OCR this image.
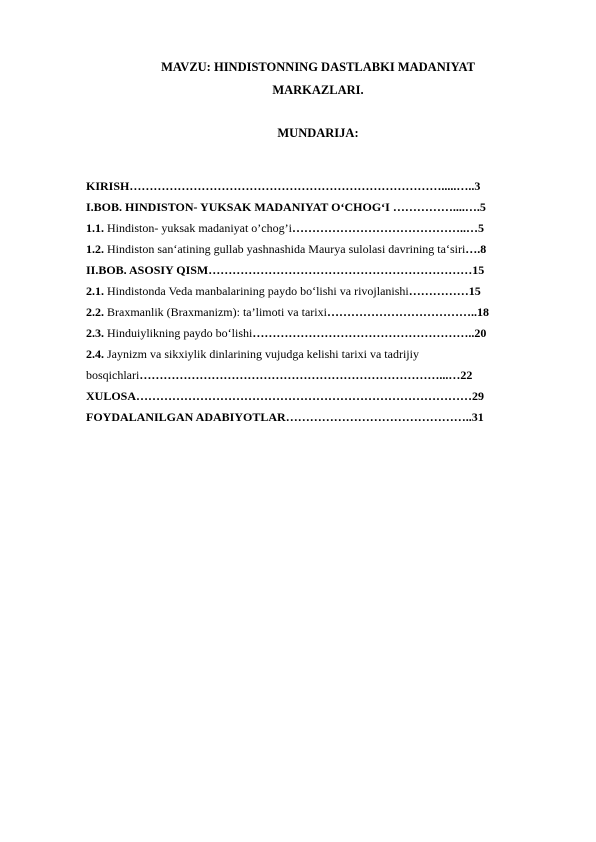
MAVZU: HINDISTONNING DASTLABKI MADANIYAT
MARKAZLARI.
MUNDARIJA:
KIRISH…………………………………………………………………….....…..3
I.BOB. HINDISTON- YUKSAK MADANIYAT O‘CHOG‘I ……………....….5
1.1. Hindiston- yuksak madaniyat o’chog’i……………………………………..…5
1.2. Hindiston san‘atining gullab yashnashida Maurya sulolasi davrining ta‘siri….8
II.BOB. ASOSIY QISM…………………………………………………………15
2.1. Hindistonda Veda manbalarining paydo bo‘lishi va rivojlanishi……………15
2.2. Braxmanlik (Braxmanizm): ta’limoti va tarixi………………………………..18
2.3. Hinduiylikning paydo bo‘lishi………………………………………………..20
2.4. Jaynizm va sikxiylik dinlarining vujudga kelishi tarixi va tadrijiy
bosqichlari…………………………………………………………………...…22
XULOSA…………………………………………………………………………29
FOYDALANILGAN ADABIYOTLAR………………………………………..31
